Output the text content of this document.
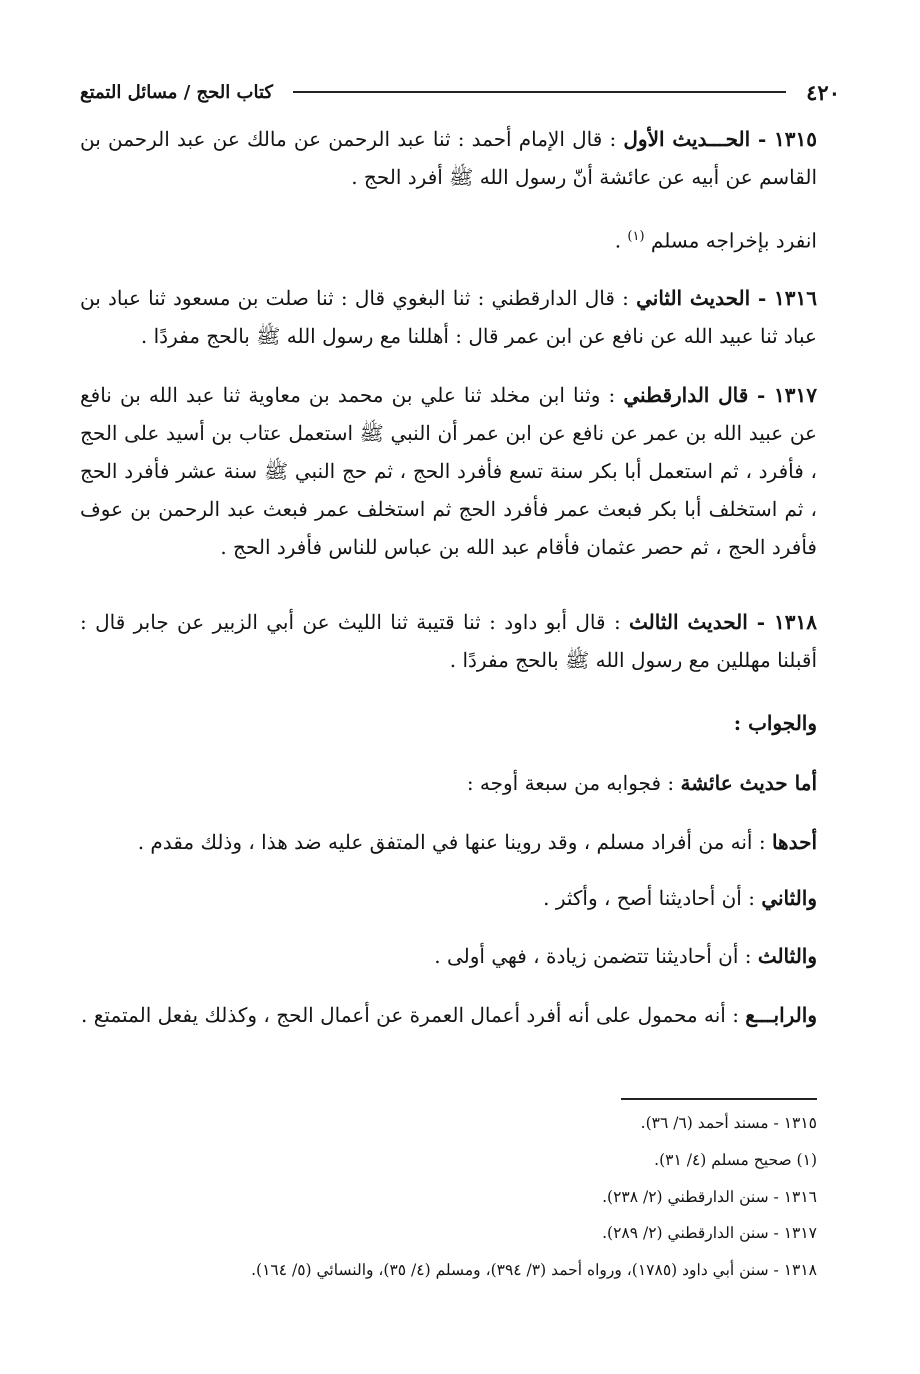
٤٢٠
كتاب الحج / مسائل التمتع

١٣١٥ - الحـــديث الأول : قال الإمام أحمد : ثنا عبد الرحمن عن مالك عن عبد الرحمن بن القاسم عن أبيه عن عائشة أنّ رسول الله ﷺ أفرد الحج .

انفرد بإخراجه مسلم $^{(١)}$ .

١٣١٦ - الحديث الثاني : قال الدارقطني : ثنا البغوي قال : ثنا صلت بن مسعود ثنا عباد بن عباد ثنا عبيد الله عن نافع عن ابن عمر قال : أهللنا مع رسول الله ﷺ بالحج مفردًا .

١٣١٧ - قال الدارقطني : وثنا ابن مخلد ثنا علي بن محمد بن معاوية ثنا عبد الله بن نافع عن عبيد الله بن عمر عن نافع عن ابن عمر أن النبي ﷺ استعمل عتاب بن أسيد على الحج ، فأفرد ، ثم استعمل أبا بكر سنة تسع فأفرد الحج ، ثم حج النبي ﷺ سنة عشر فأفرد الحج ، ثم استخلف أبا بكر فبعث عمر فأفرد الحج ثم استخلف عمر فبعث عبد الرحمن بن عوف فأفرد الحج ، ثم حصر عثمان فأقام عبد الله بن عباس للناس فأفرد الحج .

١٣١٨ - الحديث الثالث : قال أبو داود : ثنا قتيبة ثنا الليث عن أبي الزبير عن جابر قال : أقبلنا مهللين مع رسول الله ﷺ بالحج مفردًا .

والجواب :

أما حديث عائشة : فجوابه من سبعة أوجه :

أحدها : أنه من أفراد مسلم ، وقد روينا عنها في المتفق عليه ضد هذا ، وذلك مقدم .

والثاني : أن أحاديثنا أصح ، وأكثر .

والثالث : أن أحاديثنا تتضمن زيادة ، فهي أولى .

والرابـــع : أنه محمول على أنه أفرد أعمال العمرة عن أعمال الحج ، وكذلك يفعل المتمتع .

١٣١٥ - مسند أحمد (٦/ ٣٦).

(١) صحيح مسلم (٤/ ٣١).

١٣١٦ - سنن الدارقطني (٢/ ٢٣٨).

١٣١٧ - سنن الدارقطني (٢/ ٢٨٩).

١٣١٨ - سنن أبي داود (١٧٨٥)، ورواه أحمد (٣/ ٣٩٤)، ومسلم (٤/ ٣٥)، والنسائي (٥/ ١٦٤).
